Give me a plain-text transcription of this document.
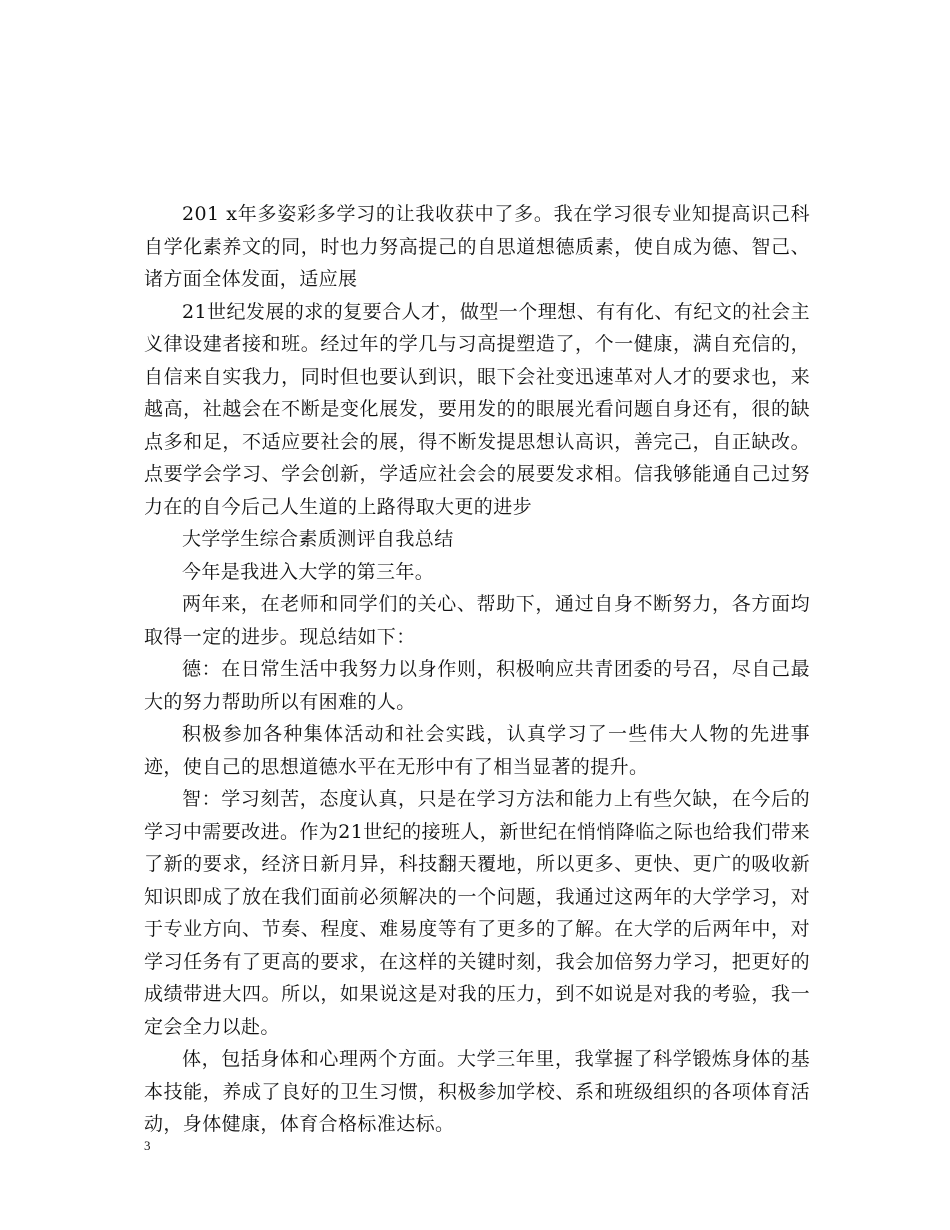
201 x年多姿彩多学习的让我收获中了多。我在学习很专业知提高识己科自学化素养文的同，时也力努高提己的自思道想德质素，使自成为德、智己、诸方面全体发面，适应展

21世纪发展的求的复要合人才，做型一个理想、有有化、有纪文的社会主义律设建者接和班。经过年的学几与习高提塑造了，个一健康，满自充信的，自信来自实我力，同时但也要认到识，眼下会社变迅速革对人才的要求也，来越高，社越会在不断是变化展发，要用发的的眼展光看问题自身还有，很的缺点多和足，不适应要社会的展，得不断发提思想认高识，善完己，自正缺改。点要学会学习、学会创新，学适应社会会的展要发求相。信我够能通自己过努力在的自今后己人生道的上路得取大更的进步

大学学生综合素质测评自我总结

今年是我进入大学的第三年。

两年来，在老师和同学们的关心、帮助下，通过自身不断努力，各方面均取得一定的进步。现总结如下：

德：在日常生活中我努力以身作则，积极响应共青团委的号召，尽自己最大的努力帮助所以有困难的人。

积极参加各种集体活动和社会实践，认真学习了一些伟大人物的先进事迹，使自己的思想道德水平在无形中有了相当显著的提升。

智：学习刻苦，态度认真，只是在学习方法和能力上有些欠缺，在今后的学习中需要改进。作为21世纪的接班人，新世纪在悄悄降临之际也给我们带来了新的要求，经济日新月异，科技翻天覆地，所以更多、更快、更广的吸收新知识即成了放在我们面前必须解决的一个问题，我通过这两年的大学学习，对于专业方向、节奏、程度、难易度等有了更多的了解。在大学的后两年中，对学习任务有了更高的要求，在这样的关键时刻，我会加倍努力学习，把更好的成绩带进大四。所以，如果说这是对我的压力，到不如说是对我的考验，我一定会全力以赴。

体，包括身体和心理两个方面。大学三年里，我掌握了科学锻炼身体的基本技能，养成了良好的卫生习惯，积极参加学校、系和班级组织的各项体育活动，身体健康，体育合格标准达标。

3
